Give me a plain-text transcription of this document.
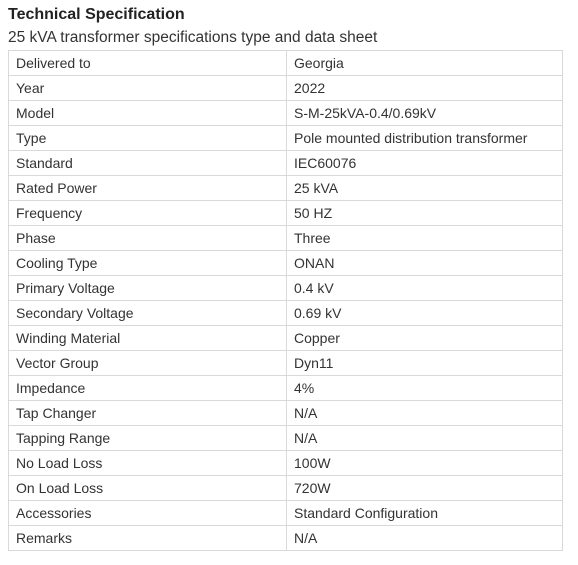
Technical Specification
25 kVA transformer specifications type and data sheet
Delivered to	Georgia
Year	2022
Model	S-M-25kVA-0.4/0.69kV
Type	Pole mounted distribution transformer
Standard	IEC60076
Rated Power	25 kVA
Frequency	50 HZ
Phase	Three
Cooling Type	ONAN
Primary Voltage	0.4 kV
Secondary Voltage	0.69 kV
Winding Material	Copper
Vector Group	Dyn11
Impedance	4%
Tap Changer	N/A
Tapping Range	N/A
No Load Loss	100W
On Load Loss	720W
Accessories	Standard Configuration
Remarks	N/A
